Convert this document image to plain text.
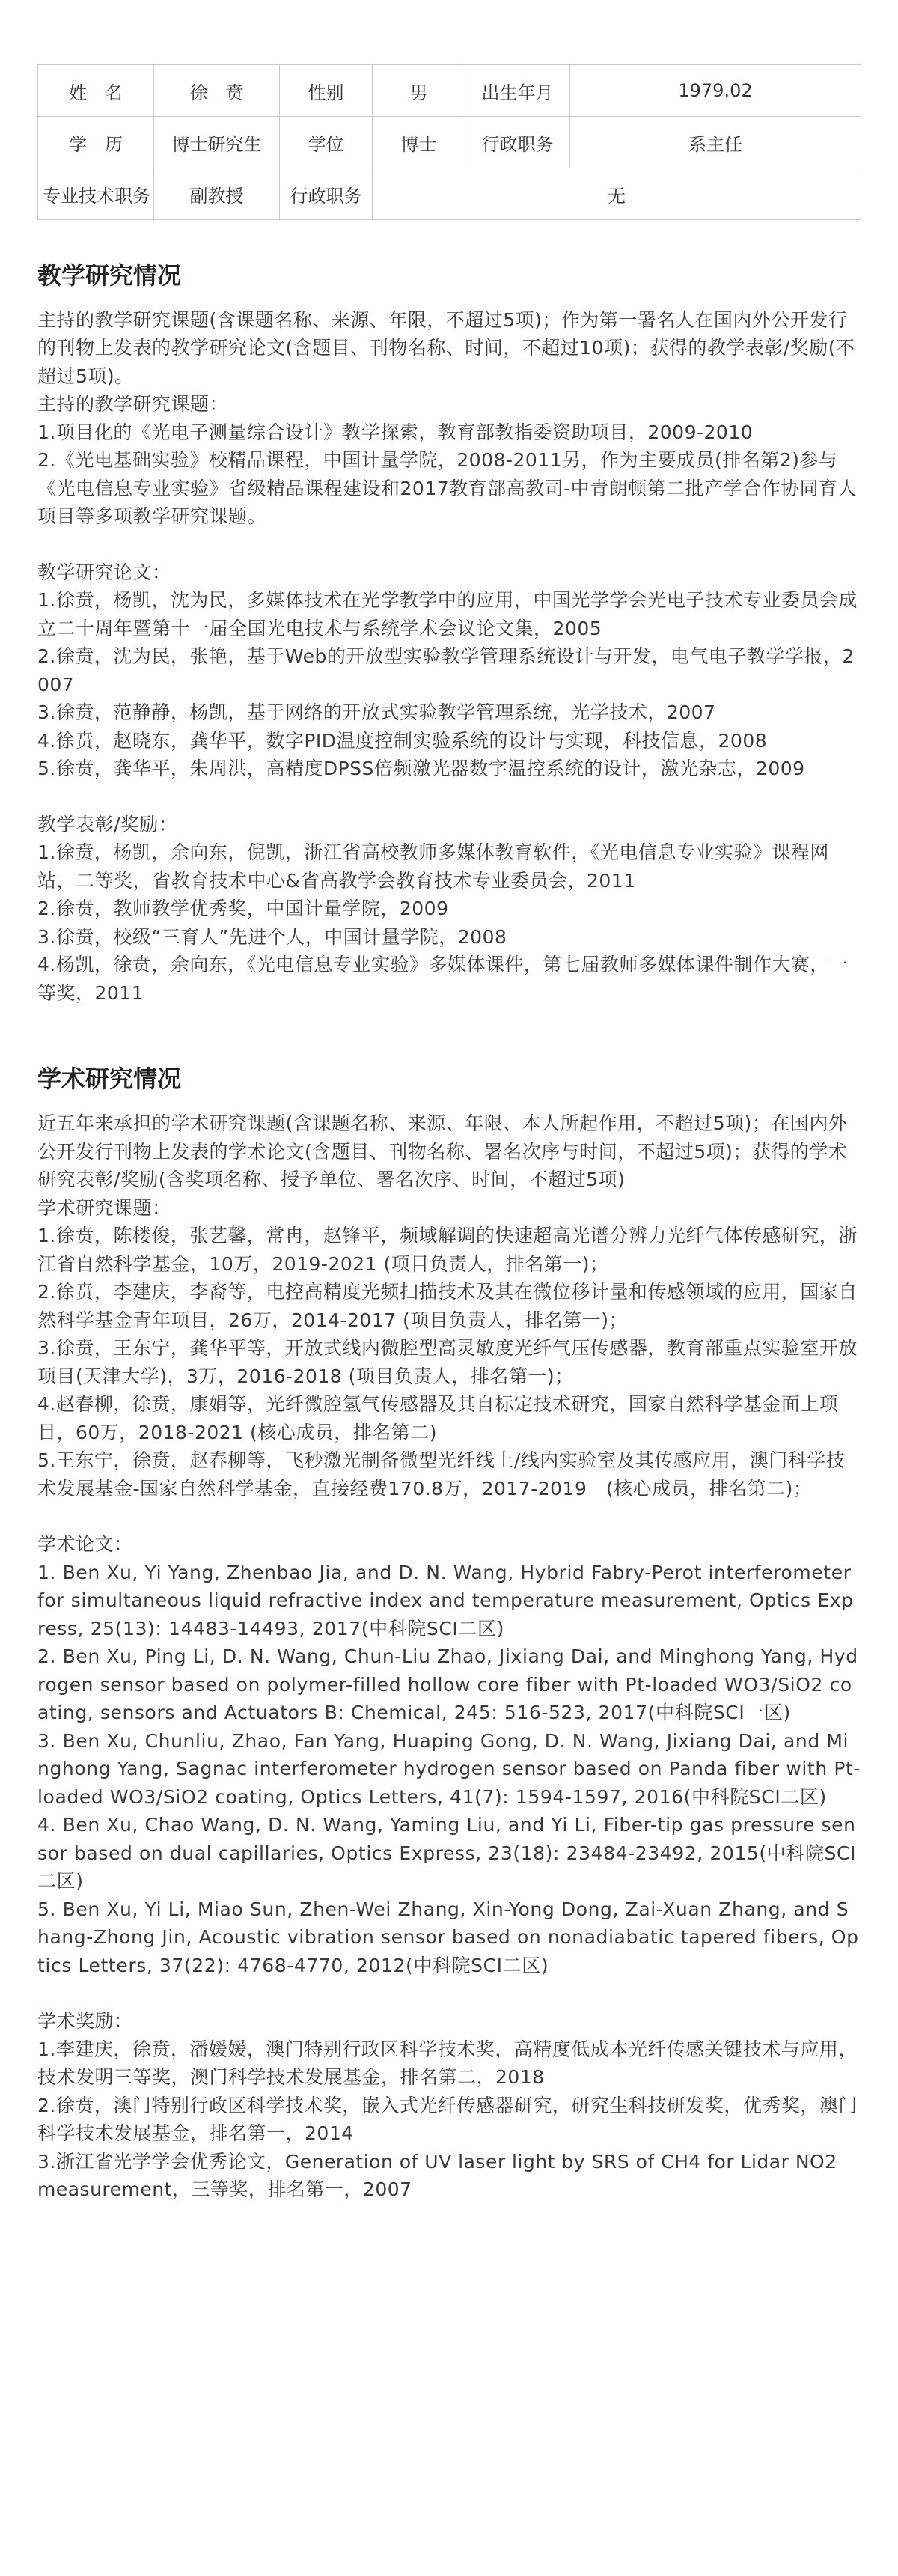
姓　名	徐　贲	性别	男	出生年月	1979.02
学　历	博士研究生	学位	博士	行政职务	系主任
专业技术职务	副教授	行政职务	无		
教学研究情况

主持的教学研究课题(含课题名称、来源、年限，不超过5项)；作为第一署名人在国内外公开发行的刊物上发表的教学研究论文(含题目、刊物名称、时间，不超过10项)；获得的教学表彰/奖励(不超过5项)。

主持的教学研究课题：

1.项目化的《光电子测量综合设计》教学探索，教育部教指委资助项目，2009-2010

2.《光电基础实验》校精品课程，中国计量学院，2008-2011另，作为主要成员(排名第2)参与《光电信息专业实验》省级精品课程建设和2017教育部高教司-中青朗顿第二批产学合作协同育人项目等多项教学研究课题。

教学研究论文：

1.徐贲，杨凯，沈为民，多媒体技术在光学教学中的应用，中国光学学会光电子技术专业委员会成立二十周年暨第十一届全国光电技术与系统学术会议论文集，2005

2.徐贲，沈为民，张艳，基于Web的开放型实验教学管理系统设计与开发，电气电子教学学报，2007

3.徐贲，范静静，杨凯，基于网络的开放式实验教学管理系统，光学技术，2007

4.徐贲，赵晓东，龚华平，数字PID温度控制实验系统的设计与实现，科技信息，2008

5.徐贲，龚华平，朱周洪，高精度DPSS倍频激光器数字温控系统的设计，激光杂志，2009

教学表彰/奖励：

1.徐贲，杨凯，余向东，倪凯，浙江省高校教师多媒体教育软件，《光电信息专业实验》课程网站，二等奖，省教育技术中心&省高教学会教育技术专业委员会，2011

2.徐贲，教师教学优秀奖，中国计量学院，2009

3.徐贲，校级“三育人”先进个人，中国计量学院，2008

4.杨凯，徐贲，余向东，《光电信息专业实验》多媒体课件，第七届教师多媒体课件制作大赛，一等奖，2011

学术研究情况

近五年来承担的学术研究课题(含课题名称、来源、年限、本人所起作用，不超过5项)；在国内外公开发行刊物上发表的学术论文(含题目、刊物名称、署名次序与时间，不超过5项)；获得的学术研究表彰/奖励(含奖项名称、授予单位、署名次序、时间，不超过5项)

学术研究课题：

1.徐贲，陈楼俊，张艺馨，常冉，赵锋平，频域解调的快速超高光谱分辨力光纤气体传感研究，浙江省自然科学基金，10万，2019-2021 (项目负责人，排名第一)；

2.徐贲，李建庆，李裔等，电控高精度光频扫描技术及其在微位移计量和传感领域的应用，国家自然科学基金青年项目，26万，2014-2017 (项目负责人，排名第一)；

3.徐贲，王东宁，龚华平等，开放式线内微腔型高灵敏度光纤气压传感器，教育部重点实验室开放项目(天津大学)，3万，2016-2018 (项目负责人，排名第一)；

4.赵春柳，徐贲，康娟等，光纤微腔氢气传感器及其自标定技术研究，国家自然科学基金面上项目，60万，2018-2021 (核心成员，排名第二)

5.王东宁，徐贲，赵春柳等，飞秒激光制备微型光纤线上/线内实验室及其传感应用，澳门科学技术发展基金-国家自然科学基金，直接经费170.8万，2017-2019　(核心成员，排名第二)；

学术论文：

1. Ben Xu, Yi Yang, Zhenbao Jia, and D. N. Wang, Hybrid Fabry-Perot interferometer for simultaneous liquid refractive index and temperature measurement, Optics Express, 25(13): 14483-14493, 2017(中科院SCI二区)

2. Ben Xu, Ping Li, D. N. Wang, Chun-Liu Zhao, Jixiang Dai, and Minghong Yang, Hydrogen sensor based on polymer-filled hollow core fiber with Pt-loaded WO3/SiO2 coating, sensors and Actuators B: Chemical, 245: 516-523, 2017(中科院SCI一区)

3. Ben Xu, Chunliu, Zhao, Fan Yang, Huaping Gong, D. N. Wang, Jixiang Dai, and Minghong Yang, Sagnac interferometer hydrogen sensor based on Panda fiber with Pt-loaded WO3/SiO2 coating, Optics Letters, 41(7): 1594-1597, 2016(中科院SCI二区)

4. Ben Xu, Chao Wang, D. N. Wang, Yaming Liu, and Yi Li, Fiber-tip gas pressure sensor based on dual capillaries, Optics Express, 23(18): 23484-23492, 2015(中科院SCI二区)

5. Ben Xu, Yi Li, Miao Sun, Zhen-Wei Zhang, Xin-Yong Dong, Zai-Xuan Zhang, and Shang-Zhong Jin, Acoustic vibration sensor based on nonadiabatic tapered fibers, Optics Letters, 37(22): 4768-4770, 2012(中科院SCI二区)

学术奖励：

1.李建庆，徐贲，潘媛媛，澳门特别行政区科学技术奖，高精度低成本光纤传感关键技术与应用，技术发明三等奖，澳门科学技术发展基金，排名第二，2018

2.徐贲，澳门特别行政区科学技术奖，嵌入式光纤传感器研究，研究生科技研发奖，优秀奖，澳门科学技术发展基金，排名第一，2014

3.浙江省光学学会优秀论文，Generation of UV laser light by SRS of CH4 for Lidar NO2 measurement，三等奖，排名第一，2007
